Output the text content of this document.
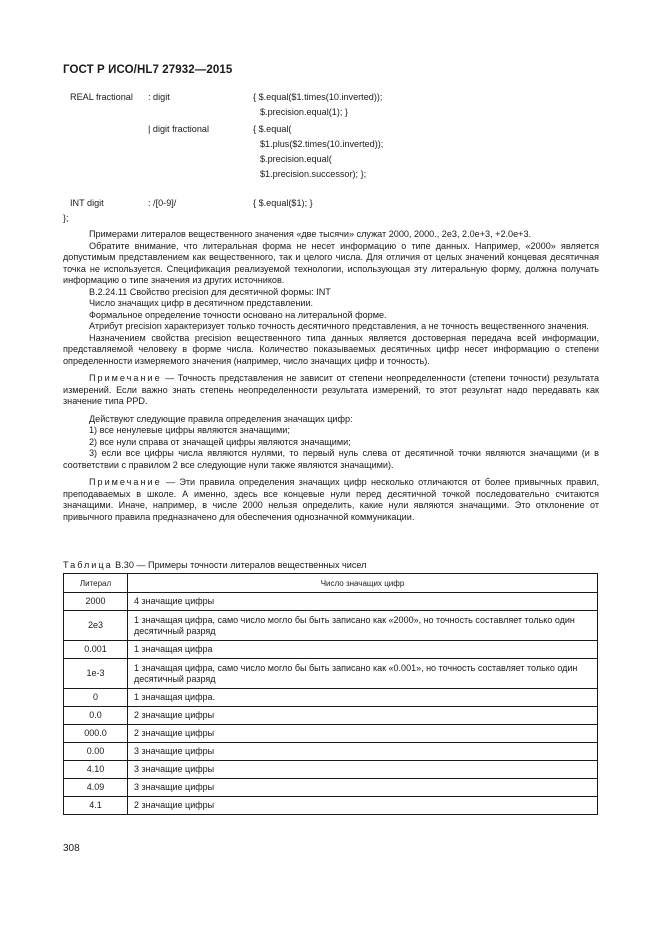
ГОСТ Р ИСО/HL7 27932—2015
REAL fractional : digit	{ $.equal($1.times(10.inverted));
$.precision.equal(1); }
| digit fractional	{ $.equal(
$1.plus($2.times(10.inverted));
$.precision.equal(
$1.precision.successor); };
INT digit	: /[0-9]/	{ $.equal($1); }
};

Примерами литералов вещественного значения «две тысячи» служат 2000, 2000., 2e3, 2.0e+3, +2.0e+3.

Обратите внимание, что литеральная форма не несет информацию о типе данных. Например, «2000» является допустимым представлением как вещественного, так и целого числа. Для отличия от целых значений концевая десятичная точка не используется. Спецификация реализуемой технологии, использующая эту литеральную форму, должна получать информацию о типе значения из других источников.

B.2.24.11 Свойство precision для десятичной формы: INT

Число значащих цифр в десятичном представлении.

Формальное определение точности основано на литеральной форме.

Атрибут precision характеризует только точность десятичного представления, а не точность вещественного значения.

Назначением свойства precision вещественного типа данных является достоверная передача всей информации, представляемой человеку в форме числа. Количество показываемых десятичных цифр несет информацию о степени определенности измеряемого значения (например, число значащих цифр и точность).

Примечание — Точность представления не зависит от степени неопределенности (степени точности) результата измерений. Если важно знать степень неопределенности результата измерений, то этот результат надо передавать как значение типа PPD.

Действуют следующие правила определения значащих цифр:

1) все ненулевые цифры являются значащими;

2) все нули справа от значащей цифры являются значащими;

3) если все цифры числа являются нулями, то первый нуль слева от десятичной точки являются значащими (и в соответствии с правилом 2 все следующие нули также являются значащими).

Примечание — Эти правила определения значащих цифр несколько отличаются от более привычных правил, преподаваемых в школе. А именно, здесь все концевые нули перед десятичной точкой последовательно считаются значащими. Иначе, например, в числе 2000 нельзя определить, какие нули являются значащими. Это отклонение от привычного правила предназначено для обеспечения однозначной коммуникации.

Таблица B.30 — Примеры точности литералов вещественных чисел
Литерал	Число значащих цифр
2000	4 значащие цифры
2e3	1 значащая цифра, само число могло бы быть записано как «2000», но точность составляет только один десятичный разряд
0.001	1 значащая цифра
1e-3	1 значащая цифра, само число могло бы быть записано как «0.001», но точность составляет только один десятичный разряд
0	1 значащая цифра.
0.0	2 значащие цифры
000.0	2 значащие цифры
0.00	3 значащие цифры
4.10	3 значащие цифры
4.09	3 значащие цифры
4.1	2 значащие цифры
308
